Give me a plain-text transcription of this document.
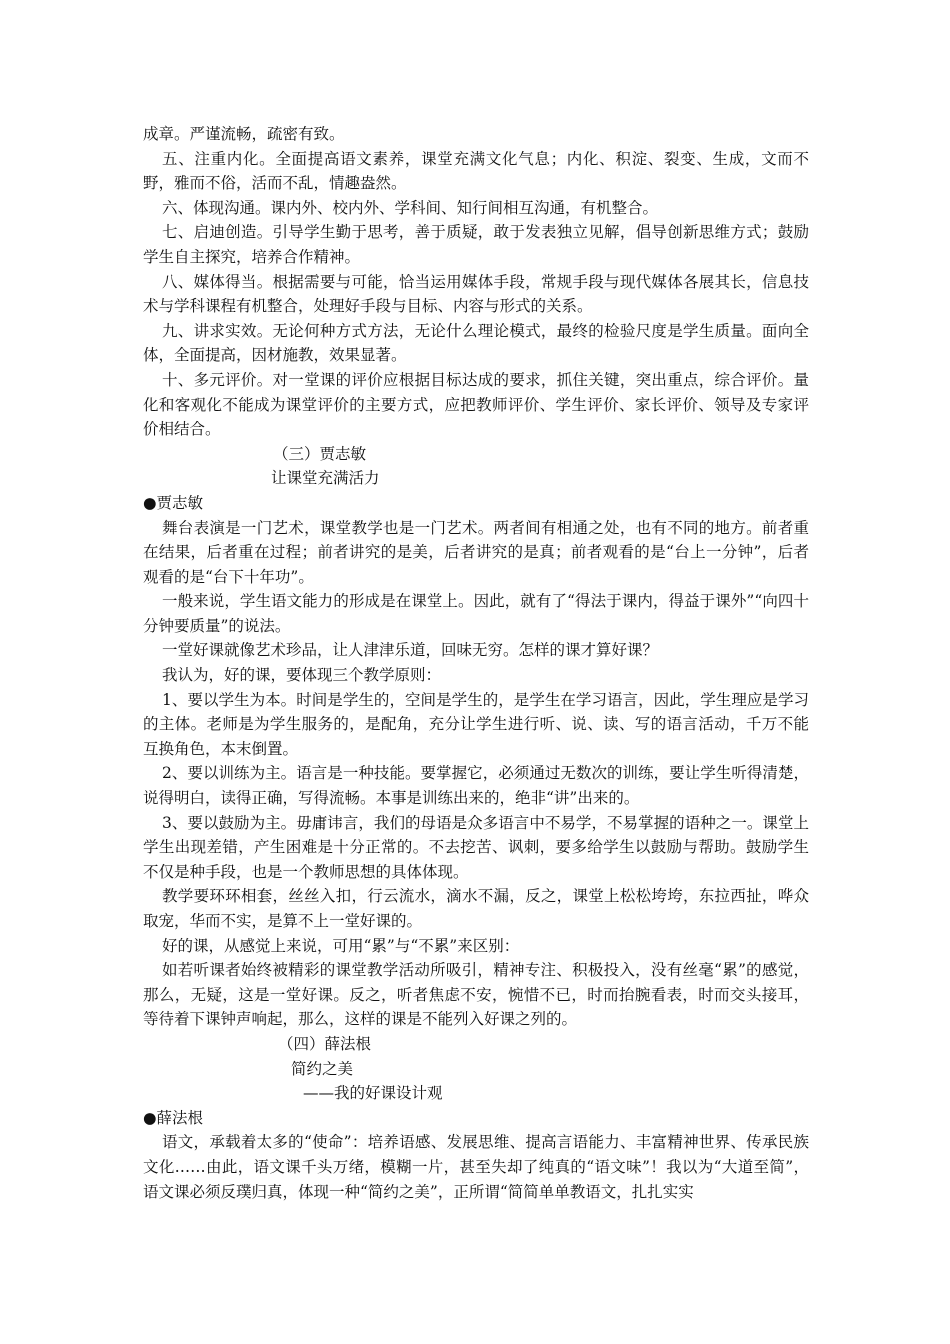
成章。严谨流畅，疏密有致。

五、注重内化。全面提高语文素养，课堂充满文化气息；内化、积淀、裂变、生成，文而不野，雅而不俗，活而不乱，情趣盎然。

六、体现沟通。课内外、校内外、学科间、知行间相互沟通，有机整合。

七、启迪创造。引导学生勤于思考，善于质疑，敢于发表独立见解，倡导创新思维方式；鼓励学生自主探究，培养合作精神。

八、媒体得当。根据需要与可能，恰当运用媒体手段，常规手段与现代媒体各展其长，信息技术与学科课程有机整合，处理好手段与目标、内容与形式的关系。

九、讲求实效。无论何种方式方法，无论什么理论模式，最终的检验尺度是学生质量。面向全体，全面提高，因材施教，效果显著。

十、多元评价。对一堂课的评价应根据目标达成的要求，抓住关键，突出重点，综合评价。量化和客观化不能成为课堂评价的主要方式，应把教师评价、学生评价、家长评价、领导及专家评价相结合。

（三）贾志敏

让课堂充满活力

●贾志敏

舞台表演是一门艺术，课堂教学也是一门艺术。两者间有相通之处，也有不同的地方。前者重在结果，后者重在过程；前者讲究的是美，后者讲究的是真；前者观看的是“台上一分钟”，后者观看的是“台下十年功”。

一般来说，学生语文能力的形成是在课堂上。因此，就有了“得法于课内，得益于课外”“向四十分钟要质量”的说法。

一堂好课就像艺术珍品，让人津津乐道，回味无穷。怎样的课才算好课？

我认为，好的课，要体现三个教学原则：

1、要以学生为本。时间是学生的，空间是学生的，是学生在学习语言，因此，学生理应是学习的主体。老师是为学生服务的，是配角，充分让学生进行听、说、读、写的语言活动，千万不能互换角色，本末倒置。

2、要以训练为主。语言是一种技能。要掌握它，必须通过无数次的训练，要让学生听得清楚，说得明白，读得正确，写得流畅。本事是训练出来的，绝非“讲”出来的。

3、要以鼓励为主。毋庸讳言，我们的母语是众多语言中不易学，不易掌握的语种之一。课堂上学生出现差错，产生困难是十分正常的。不去挖苦、讽刺，要多给学生以鼓励与帮助。鼓励学生不仅是种手段，也是一个教师思想的具体体现。

教学要环环相套，丝丝入扣，行云流水，滴水不漏，反之，课堂上松松垮垮，东拉西扯，哗众取宠，华而不实，是算不上一堂好课的。

好的课，从感觉上来说，可用“累”与“不累”来区别：

如若听课者始终被精彩的课堂教学活动所吸引，精神专注、积极投入，没有丝毫“累”的感觉，那么，无疑，这是一堂好课。反之，听者焦虑不安，惋惜不已，时而抬腕看表，时而交头接耳，等待着下课钟声响起，那么，这样的课是不能列入好课之列的。

（四）薛法根

简约之美

——我的好课设计观

●薛法根

语文，承载着太多的“使命”：培养语感、发展思维、提高言语能力、丰富精神世界、传承民族文化……由此，语文课千头万绪，模糊一片，甚至失却了纯真的“语文味”！我以为“大道至简”，语文课必须反璞归真，体现一种“简约之美”，正所谓“简简单单教语文，扎扎实实
